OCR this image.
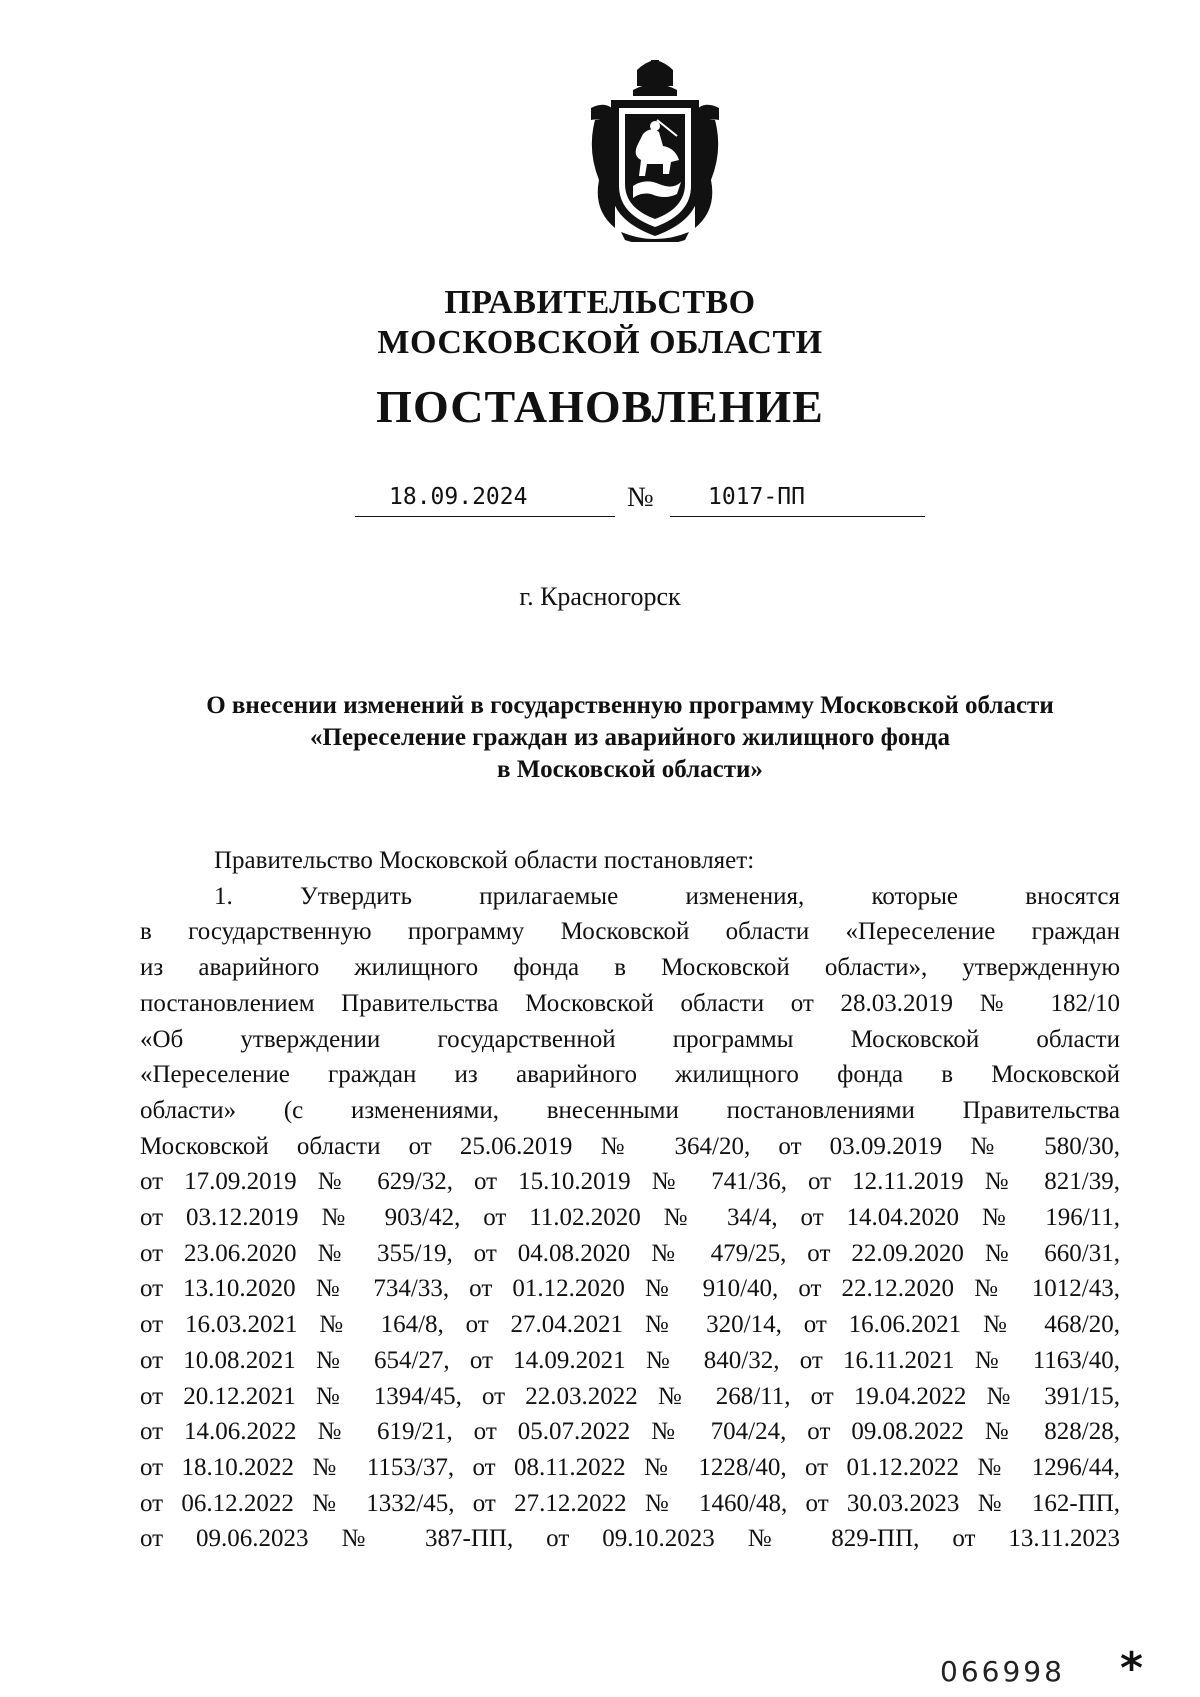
ПРАВИТЕЛЬСТВО
МОСКОВСКОЙ ОБЛАСТИ
ПОСТАНОВЛЕНИЕ
18.09.2024	№ 1017-ПП
г. Красногорск
О внесении изменений в государственную программу Московской области
«Переселение граждан из аварийного жилищного фонда
в Московской области»
Правительство Московской области постановляет:
1. Утвердить прилагаемые изменения, которые вносятся
в государственную программу Московской области «Переселение граждан
из аварийного жилищного фонда в Московской области», утвержденную
постановлением Правительства Московской области от 28.03.2019 № 182/10
«Об утверждении государственной программы Московской области
«Переселение граждан из аварийного жилищного фонда в Московской
области» (с изменениями, внесенными постановлениями Правительства
Московской области от 25.06.2019 № 364/20, от 03.09.2019 № 580/30,
от 17.09.2019 № 629/32, от 15.10.2019 № 741/36, от 12.11.2019 № 821/39,
от 03.12.2019 № 903/42, от 11.02.2020 № 34/4, от 14.04.2020 № 196/11,
от 23.06.2020 № 355/19, от 04.08.2020 № 479/25, от 22.09.2020 № 660/31,
от 13.10.2020 № 734/33, от 01.12.2020 № 910/40, от 22.12.2020 № 1012/43,
от 16.03.2021 № 164/8, от 27.04.2021 № 320/14, от 16.06.2021 № 468/20,
от 10.08.2021 № 654/27, от 14.09.2021 № 840/32, от 16.11.2021 № 1163/40,
от 20.12.2021 № 1394/45, от 22.03.2022 № 268/11, от 19.04.2022 № 391/15,
от 14.06.2022 № 619/21, от 05.07.2022 № 704/24, от 09.08.2022 № 828/28,
от 18.10.2022 № 1153/37, от 08.11.2022 № 1228/40, от 01.12.2022 № 1296/44,
от 06.12.2022 № 1332/45, от 27.12.2022 № 1460/48, от 30.03.2023 № 162-ПП,
от 09.06.2023 № 387-ПП, от 09.10.2023 № 829-ПП, от 13.11.2023
066998 *
